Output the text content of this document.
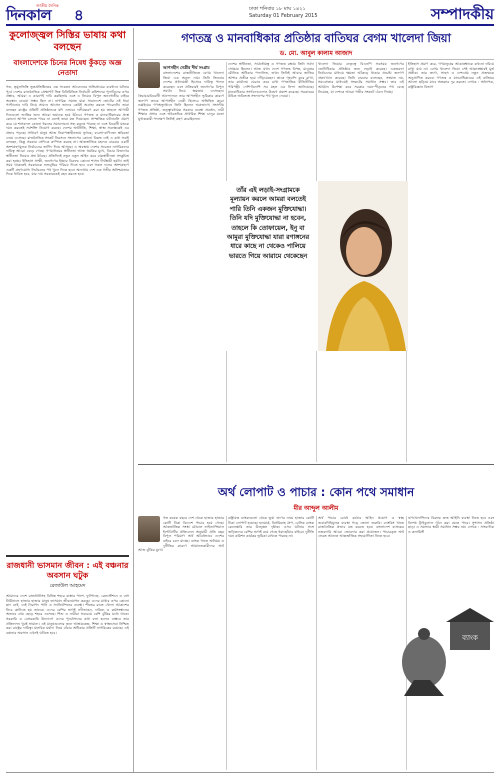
দিনকাল
জাতীয় দৈনিক
৪	ঢাকা শনিবার ১৮ মাঘ ১৪২১
Saturday 01 February 2015	সম্পাদকীয়
কুলোজ্জ্বল সিস্তির ভাষায় কথা বলছেন
বাংলাদেশকে চিনের নিষেধ কুঁকড়ে অজ্ঞ নেতাদা
গত, তৃমূলভিত্তি ভূতপ্রতিষ্ঠিতের এক সচেতন আবেদনের অভিপ্রায়ের ব্যবধানে ঘটনার পূর্বে দেশের রাজনৈতিক প্রেক্ষাপট ভিন্ন বিনিমিতিত নির্বাচনী কমিশনের পুনর্গঠনের ওপর প্রস্তাব, আমরা এ কারণেই দাবি করছিলাম এবং এ নিয়েও বিপুল জনগোষ্ঠীর বাইরে অবস্থান নেওয়া সম্ভব ছিল না। নাগরিক সমাজ যারা সারাদেশে ভোটের এই ধারা পাল্টানোর দাবি নিয়ে সামনে আসেন তাদের কেউই অগ্রাহ্য করতে পারেননি। তারা বলছেন রাষ্ট্রের প্রতিটি প্রতিষ্ঠানকে যদি এভাবে দলীয়করণ করা হয় তাহলে আগামী দিনগুলো জাতির জন্য আরো ভয়ানক হয়ে উঠবে। গণতন্ত্র ও মানবাধিকারের প্রশ্নে কোনো আপস চলতে পারে না বলেই তারা মত দিয়েছেন। সাম্প্রতিক ঘটনাবলি প্রমাণ করে যে শাসকদল কোনো ধরনের সমালোচনা সহ্য করতে পারছে না এবং বিরোধী মতকে দমন করতেই সর্বশক্তি নিয়োগ করছে। দেশের অর্থনীতি, শিক্ষা, স্বাস্থ্য সবক্ষেত্রেই এর প্রভাব পড়ছে। সাধারণ মানুষ আজ নিরাপত্তাহীনতায় ভুগছে; ব্যবসা-বাণিজ্যে স্থবিরতা নেমে এসেছে। রাজনৈতিক সংকট নিরসনে সংলাপের কোনো বিকল্প নেই এ কথা সবাই বলছেন, কিন্তু সরকার সেদিকে কর্ণপাত করছে না। আন্তর্জাতিক মহলও বারবার একটি অংশগ্রহণমূলক নির্বাচনের তাগিদ দিয়ে আসছে। এ অবস্থায় দেশের সচেতন নাগরিকদের দায়িত্ব আরো বেড়ে গেছে। গণমাধ্যমের স্বাধীনতা আজ হুমকির মুখে, বিচার বিভাগের স্বাধীনতা নিয়েও প্রশ্ন উঠছে। প্রতিদিনই নতুন নতুন আইন করে বাকস্বাধীনতা সংকুচিত করা হচ্ছে। ইতিহাস সাক্ষী, জনগণের ইচ্ছার বিরুদ্ধে কোনো শাসন দীর্ঘস্থায়ী হয়নি। তাই সময় থাকতেই সরকারকে শুভবুদ্ধির পরিচয় দিতে হবে এবং সকল দলের অংশগ্রহণে একটি গ্রহণযোগ্য নির্বাচনের পথ খুলে দিতে হবে। অন্যথায় দেশ এক গভীর অনিশ্চয়তার দিকে ধাবিত হবে, যার দায় সরকারকেই বহন করতে হবে।
রাজধানী ভাসমান জীবন : এই বঞ্চনার অবসান ঘটুক
রেজাউল আহমেদ
আমাদের দেশে রাজধানীসহ বিভিন্ন শহরে রাস্তার পাশে, ফুটপাতে, রেলস্টেশনে ও বাস টার্মিনালে হাজার হাজার মানুষ ভাসমান জীবনযাপন করছে। এদের মাথার ওপর কোনো ছাদ নেই, নেই নিরাপদ পানি ও স্যানিটেশনের ব্যবস্থা। শীতের রাতে খোলা আকাশের নিচে কাটাতে হয় তাদের। এদের বেশির ভাগই নদীভাঙন, দারিদ্র্য ও কর্মসংস্থানের অভাবে গ্রাম ছেড়ে শহরে এসেছে। শিশু ও নারীরা সবচেয়ে বেশি ঝুঁকির মধ্যে থাকে। সরকারি ও বেসরকারি উদ্যোগে এদের পুনর্বাসনের কথা বলা হলেও বাস্তবে তার প্রতিফলন খুবই সামান্য। এই মানুষগুলোর জন্য আশ্রয়কেন্দ্র, শিক্ষা ও স্বাস্থ্যসেবা নিশ্চিত করা রাষ্ট্রের দায়িত্ব। মানবিক মর্যাদা নিয়ে বাঁচার অধিকার প্রতিটি নাগরিকের রয়েছে। এই বঞ্চনার অবসান এখনই ঘটাতে হবে।
গণতন্ত্র ও মানবাধিকার প্রতিষ্ঠার বাতিঘর বেগম খালেদা জিয়া
ড. মো. আবুল কালাম আজাদ
আপসহীন নেত্রীর দীর্ঘ সংগ্রাম
বাংলাদেশের রাজনীতিতে বেগম খালেদা জিয়া এক অনন্য নাম। তিনি তিনবার দেশের প্রধানমন্ত্রী হিসেবে দায়িত্ব পালন করেছেন এবং প্রতিবারই জনগণের বিপুল সমর্থন নিয়ে ক্ষমতায় এসেছেন। স্বৈরাচারবিরোধী আন্দোলনে তার আপসহীন ভূমিকার কারণে জনগণ তাকে আপসহীন নেত্রী হিসেবে অভিহিত করে। নব্বইয়ের গণঅভ্যুত্থানে তিনি ছিলেন অগ্রভাগে। সংসদীয় গণতন্ত্র প্রতিষ্ঠা, তত্ত্বাবধায়ক সরকার ব্যবস্থা প্রবর্তন, নারী শিক্ষার প্রসার এবং অবৈতনিক প্রাথমিক শিক্ষা চালুর মতো যুগান্তকারী পদক্ষেপ তিনিই গ্রহণ করেছিলেন।
দেশের স্বাধীনতা, সার্বভৌমত্ব ও গণতন্ত্র রক্ষায় তিনি সর্বদা সোচ্চার ছিলেন। আজ যখন দেশে গণতন্ত্র বিপন্ন, মানুষের মৌলিক অধিকার পদদলিত, তখন তিনিই আবার জাতির আশার প্রতীক হয়ে দাঁড়িয়েছেন। তাকে গৃহবন্দি করে রাখা, তার কার্যালয় ঘেরাও করে রাখা গণতান্ত্রিক রীতিনীতির পরিপন্থী। দেশি-বিদেশি সব মহল এর নিন্দা জানিয়েছে। মানবাধিকার সংগঠনগুলোও উদ্বেগ প্রকাশ করেছে। সরকারের উচিত অবিলম্বে সংলাপের পথ খুলে দেওয়া।
খালেদা জিয়ার নেতৃত্বে বিএনপি সবসময় জনগণের ভোটাধিকার প্রতিষ্ঠার জন্য লড়াই করেছে। একতরফা নির্বাচনের মাধ্যমে ক্ষমতা আঁকড়ে থাকার প্রচেষ্টা জনগণ প্রত্যাখ্যান করেছে। তিনি বারবার বলেছেন, সংঘাত নয়, সমঝোতার মাধ্যমেই সংকটের সমাধান সম্ভব। তার এই আহ্বান উপেক্ষা করে সরকার দমন-পীড়নের পথ বেছে নিয়েছে, যা দেশকে আরো গভীর সংকটে ঠেলে দিচ্ছে।
ইতিহাস প্রমাণ করে, গণমানুষের আকাঙ্ক্ষাকে কখনো দমিয়ে রাখা যায় না। বেগম খালেদা জিয়া সেই আকাঙ্ক্ষারই মূর্ত প্রতীক। তার ত্যাগ, সাহস ও দেশপ্রেম নতুন প্রজন্মকে অনুপ্রাণিত করবে। গণতন্ত্র ও মানবাধিকারের এই বাতিঘর আলো ছড়িয়ে যাবে অন্ধকার দূর করতে। লেখক : অধ্যাপক, রাষ্ট্রবিজ্ঞান বিভাগ
তাঁর এই লড়াই-সংগ্রামকে মূল্যায়ন করলে আমরা বলতেই পারি তিনি একজন মুক্তিযোদ্ধা। তিনি যদি মুক্তিযোদ্ধা না হবেন, তাহলে কি তোফায়েল, ইনু বা আমুরা মুক্তিযোদ্ধা যারা রণাঙ্গনের ধারে কাছে না থেকেও পালিয়ে ভারতে গিয়ে আরামে থেকেছেন
অর্থ লোপাট ও পাচার : কোন পথে সমাধান
মীর আব্দুল আলীম
গত কয়েক বছরে দেশ থেকে হাজার হাজার কোটি টাকা বিদেশে পাচার হয়ে গেছে। আন্তর্জাতিক সংস্থা গ্লোবাল ফাইন্যান্সিয়াল ইন্টেগ্রিটির প্রতিবেদন অনুযায়ী প্রতি বছর বিপুল পরিমাণ অর্থ অবৈধভাবে দেশের বাইরে চলে যাচ্ছে। ব্যাংক খাতে অনিয়ম ও দুর্নীতির কারণে আমানতকারীদের অর্থ আজ ঝুঁকির মুখে।
রাষ্ট্রায়ত্ত ব্যাংকগুলো থেকে ভুয়া ঋণের নামে হাজার কোটি টাকা লোপাট হয়েছে। হলমার্ক, বিসমিল্লাহ গ্রুপ, বেসিক ব্যাংক কেলেঙ্কারি তার উজ্জ্বল দৃষ্টান্ত। এসব ঘটনার সঙ্গে জড়িতদের বেশির ভাগই রয়ে গেছে ধরাছোঁয়ার বাইরে। দুর্নীতি দমন কমিশন কার্যকর ভূমিকা রাখতে পারছে না।
অর্থ পাচার রোধে কঠোর আইন প্রয়োগ ও স্বচ্ছ জবাবদিহিমূলক ব্যবস্থা গড়ে তোলা জরুরি। ব্যাংকিং খাতে রাজনৈতিক প্রভাব বন্ধ করতে হবে। বাংলাদেশ ব্যাংকের নজরদারি আরো জোরদার করা প্রয়োজন। পাচারকৃত অর্থ ফেরত আনতে আন্তর্জাতিক সহযোগিতা নিতে হবে।
ঋণখেলাপিদের বিরুদ্ধে দ্রুত আইনি ব্যবস্থা নিতে হবে এবং বিশেষ ট্রাইব্যুনাল গঠন করা যেতে পারে। সুশাসন প্রতিষ্ঠা ছাড়া এ সমস্যার স্থায়ী সমাধান সম্ভব নয়। লেখক : সাংবাদিক ও কলামিস্ট
ব্যাংক
